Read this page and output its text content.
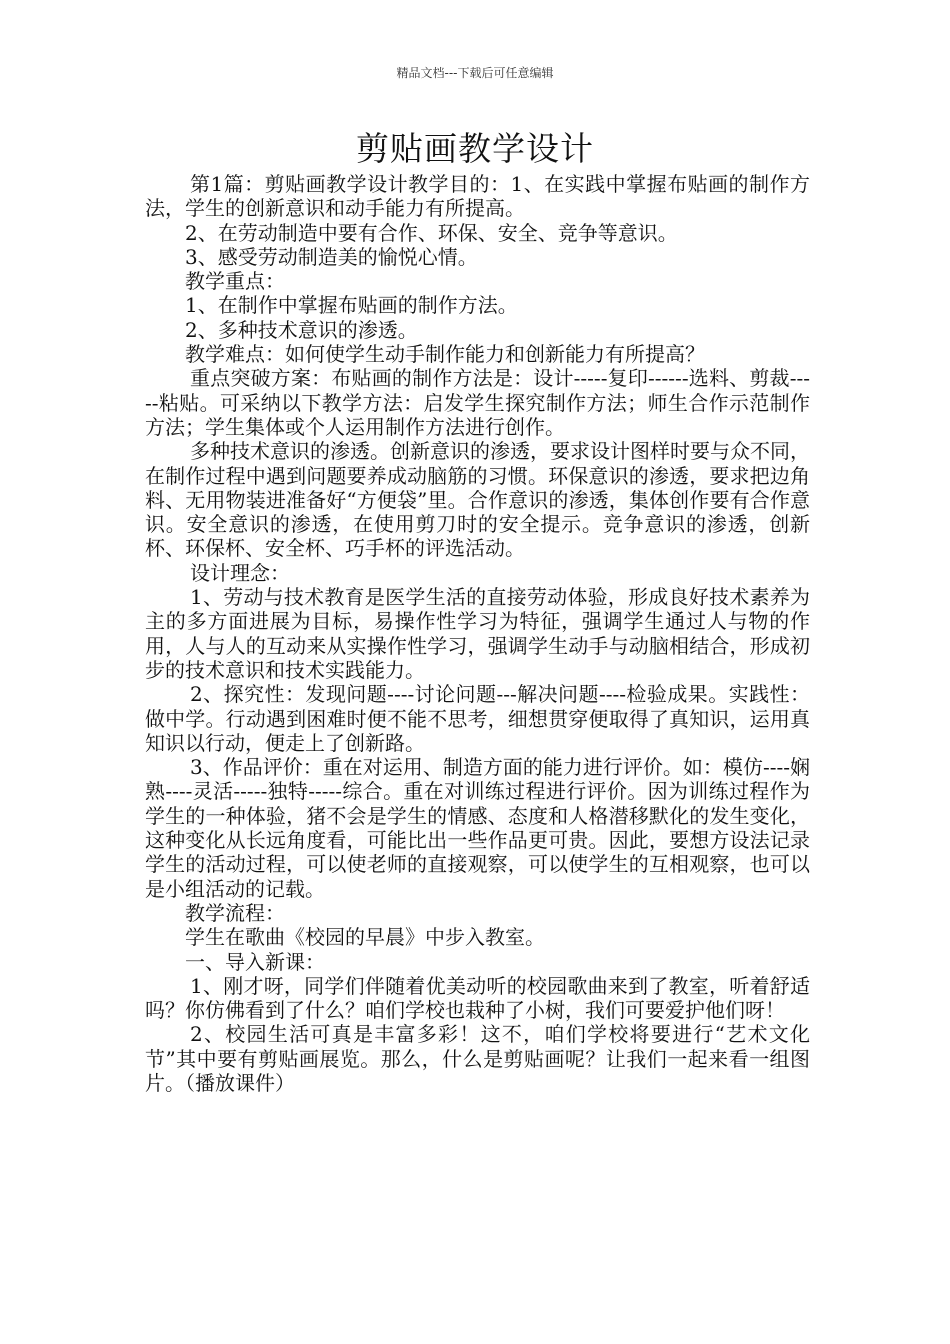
精品文档---下载后可任意编辑
剪贴画教学设计

第1篇：剪贴画教学设计教学目的：1、在实践中掌握布贴画的制作方法，学生的创新意识和动手能力有所提高。

2、在劳动制造中要有合作、环保、安全、竞争等意识。

3、感受劳动制造美的愉悦心情。

教学重点：

1、在制作中掌握布贴画的制作方法。

2、多种技术意识的渗透。

教学难点：如何使学生动手制作能力和创新能力有所提高？

重点突破方案：布贴画的制作方法是：设计-----复印------选料、剪裁-----粘贴。可采纳以下教学方法：启发学生探究制作方法；师生合作示范制作方法；学生集体或个人运用制作方法进行创作。

多种技术意识的渗透。创新意识的渗透，要求设计图样时要与众不同，在制作过程中遇到问题要养成动脑筋的习惯。环保意识的渗透，要求把边角料、无用物装进准备好“方便袋”里。合作意识的渗透，集体创作要有合作意识。安全意识的渗透，在使用剪刀时的安全提示。竞争意识的渗透，创新杯、环保杯、安全杯、巧手杯的评选活动。

设计理念：

1、劳动与技术教育是医学生活的直接劳动体验，形成良好技术素养为主的多方面进展为目标，易操作性学习为特征，强调学生通过人与物的作用，人与人的互动来从实操作性学习，强调学生动手与动脑相结合，形成初步的技术意识和技术实践能力。

2、探究性：发现问题----讨论问题---解决问题----检验成果。实践性：做中学。行动遇到困难时便不能不思考，细想贯穿便取得了真知识，运用真知识以行动，便走上了创新路。

3、作品评价：重在对运用、制造方面的能力进行评价。如：模仿----娴熟----灵活-----独特-----综合。重在对训练过程进行评价。因为训练过程作为学生的一种体验，猪不会是学生的情感、态度和人格潜移默化的发生变化，这种变化从长远角度看，可能比出一些作品更可贵。因此，要想方设法记录学生的活动过程，可以使老师的直接观察，可以使学生的互相观察，也可以是小组活动的记载。

教学流程：

学生在歌曲《校园的早晨》中步入教室。

一、导入新课：

1、刚才呀，同学们伴随着优美动听的校园歌曲来到了教室，听着舒适吗？你仿佛看到了什么？咱们学校也栽种了小树，我们可要爱护他们呀！

2、校园生活可真是丰富多彩！这不，咱们学校将要进行“艺术文化节”其中要有剪贴画展览。那么，什么是剪贴画呢？让我们一起来看一组图片。（播放课件）
